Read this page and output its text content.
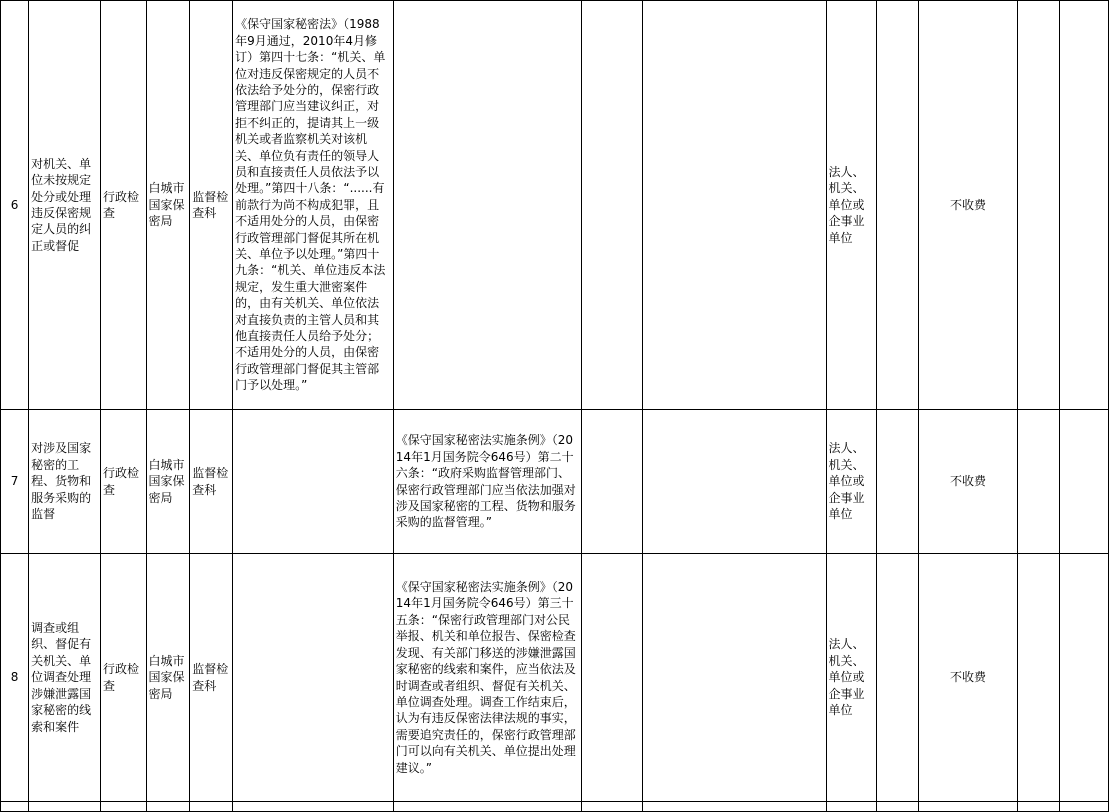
6	对机关、单位未按规定处分或处理违反保密规定人员的纠正或督促	行政检查	白城市国家保密局	监督检查科	《保守国家秘密法》（1988年9月通过，2010年4月修订）第四十七条：“机关、单位对违反保密规定的人员不依法给予处分的，保密行政管理部门应当建议纠正，对拒不纠正的，提请其上一级机关或者监察机关对该机关、单位负有责任的领导人员和直接责任人员依法予以处理。”第四十八条：“......有前款行为尚不构成犯罪，且不适用处分的人员，由保密行政管理部门督促其所在机关、单位予以处理。”第四十九条：“机关、单位违反本法规定，发生重大泄密案件的，由有关机关、单位依法对直接负责的主管人员和其他直接责任人员给予处分；不适用处分的人员，由保密行政管理部门督促其主管部门予以处理。”				法人、机关、单位或企事业单位		不收费		
7	对涉及国家秘密的工程、货物和服务采购的监督	行政检查	白城市国家保密局	监督检查科		《保守国家秘密法实施条例》（2014年1月国务院令646号）第二十六条：“政府采购监督管理部门、保密行政管理部门应当依法加强对涉及国家秘密的工程、货物和服务采购的监督管理。”			法人、机关、单位或企事业单位		不收费		
8	调查或组织、督促有关机关、单位调查处理涉嫌泄露国家秘密的线索和案件	行政检查	白城市国家保密局	监督检查科		《保守国家秘密法实施条例》（2014年1月国务院令646号）第三十五条：“保密行政管理部门对公民举报、机关和单位报告、保密检查发现、有关部门移送的涉嫌泄露国家秘密的线索和案件，应当依法及时调查或者组织、督促有关机关、单位调查处理。调查工作结束后，认为有违反保密法律法规的事实，需要追究责任的，保密行政管理部门可以向有关机关、单位提出处理建议。”			法人、机关、单位或企事业单位		不收费		
